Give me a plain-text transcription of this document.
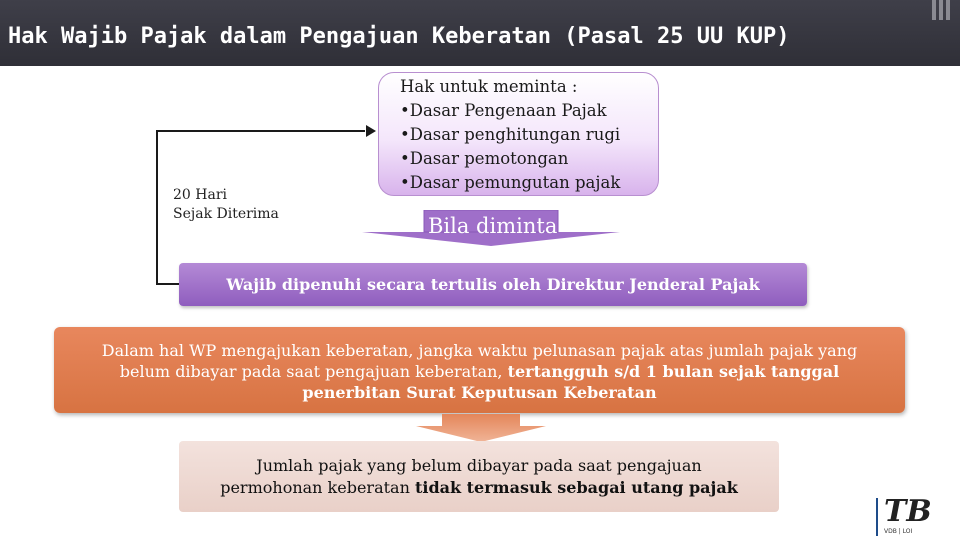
Hak Wajib Pajak dalam Pengajuan Keberatan (Pasal 25 UU KUP)
20 Hari
Sejak Diterima
Hak untuk meminta :
•Dasar Pengenaan Pajak
•Dasar penghitungan rugi
•Dasar pemotongan
•Dasar pemungutan pajak
Bila diminta
Wajib dipenuhi secara tertulis oleh Direktur Jenderal Pajak
Dalam hal WP mengajukan keberatan, jangka waktu pelunasan pajak atas jumlah pajak yang
belum dibayar pada saat pengajuan keberatan, tertangguh s/d 1 bulan sejak tanggal
penerbitan Surat Keputusan Keberatan
Jumlah pajak yang belum dibayar pada saat pengajuan
permohonan keberatan tidak termasuk sebagai utang pajak
TB
VDB | LOI
